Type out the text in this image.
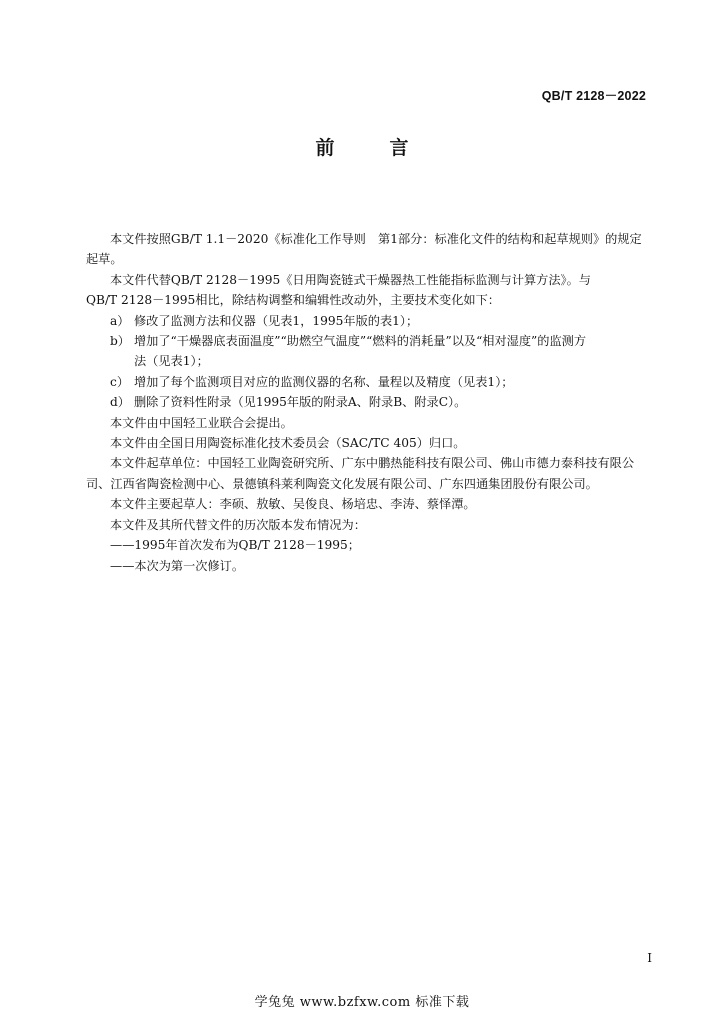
QB/T 2128－2022
前　言

本文件按照GB/T 1.1－2020《标准化工作导则　第1部分：标准化文件的结构和起草规则》的规定

起草。

本文件代替QB/T 2128－1995《日用陶瓷链式干燥器热工性能指标监测与计算方法》。与

QB/T 2128－1995相比，除结构调整和编辑性改动外，主要技术变化如下：

a） 修改了监测方法和仪器（见表1，1995年版的表1）；
b） 增加了“干燥器底表面温度”“助燃空气温度”“燃料的消耗量”以及“相对湿度”的监测方
法（见表1）；
c） 增加了每个监测项目对应的监测仪器的名称、量程以及精度（见表1）；
d） 删除了资料性附录（见1995年版的附录A、附录B、附录C）。

本文件由中国轻工业联合会提出。

本文件由全国日用陶瓷标准化技术委员会（SAC/TC 405）归口。

本文件起草单位：中国轻工业陶瓷研究所、广东中鹏热能科技有限公司、佛山市德力泰科技有限公

司、江西省陶瓷检测中心、景德镇科莱利陶瓷文化发展有限公司、广东四通集团股份有限公司。

本文件主要起草人：李硕、敖敏、吴俊良、杨培忠、李涛、蔡怿潭。

本文件及其所代替文件的历次版本发布情况为：

——1995年首次发布为QB/T 2128－1995；

——本次为第一次修订。

I
学兔兔 www.bzfxw.com 标准下载
